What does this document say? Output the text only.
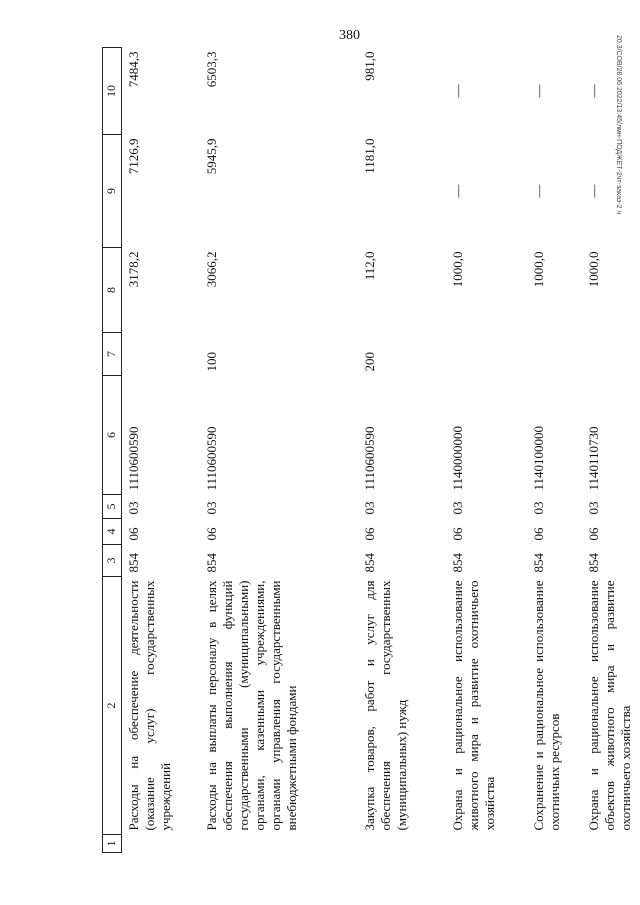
380	20.3/СОВ/28.06.2022/13:45/лмн-ПОДЖЕТ-2чт-заказ-2 ч
1	2	3	4	5	6	7	8	9	10
	Расходы на обеспечение деятельности (оказание услуг) государственных учреждений	854	06	03	1110600590		3178,2	7126,9	7484,3
	Расходы на выплаты персоналу в целях обеспечения выполнения функций государственными (муниципальными) органами, казенными учреждениями, органами управления государственными внебюджетными фондами	854	06	03	1110600590	100	3066,2	5945,9	6503,3
	Закупка товаров, работ и услуг для обеспечения государственных (муниципальных) нужд	854	06	03	1110600590	200	112,0	1181,0	981,0
	Охрана и рациональное использование животного мира и развитие охотничьего хозяйства	854	06	03	1140000000		1000,0	—	—
	Сохранение и рациональное использование охотничьих ресурсов	854	06	03	1140100000		1000,0	—	—
	Охрана и рациональное использование объектов животного мира и развитие охотничьего хозяйства	854	06	03	1140110730		1000,0	—	—
